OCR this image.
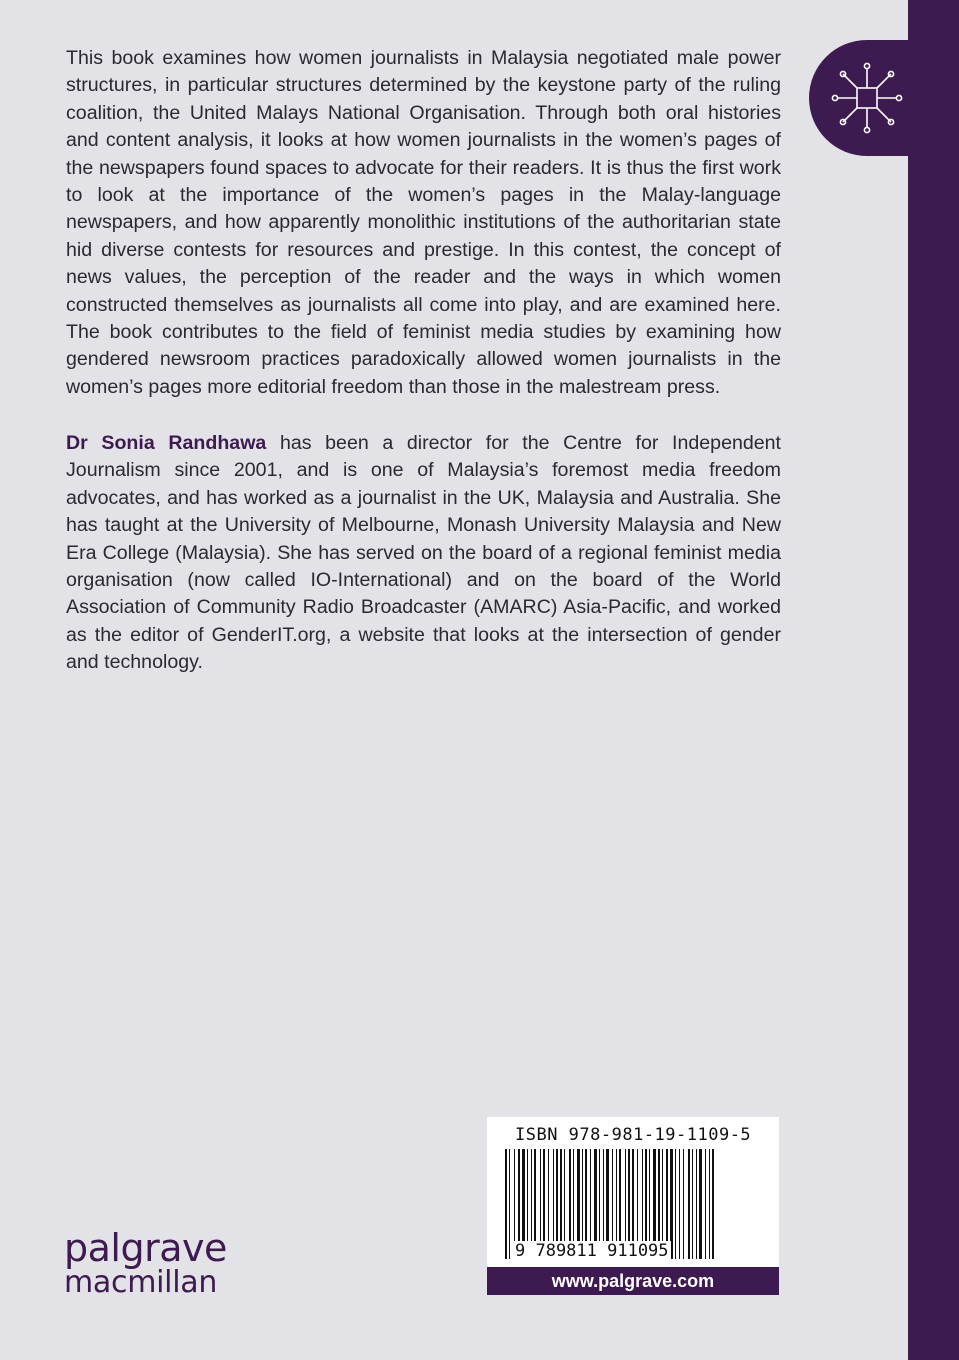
This book examines how women journalists in Malaysia negotiated male power structures, in particular structures determined by the keystone party of the ruling coalition, the United Malays National Organisation. Through both oral histories and content analysis, it looks at how women journalists in the women’s pages of the newspapers found spaces to advocate for their readers. It is thus the first work to look at the importance of the women’s pages in the Malay-language newspapers, and how apparently monolithic institutions of the authoritarian state hid diverse contests for resources and prestige. In this contest, the concept of news values, the perception of the reader and the ways in which women constructed themselves as journalists all come into play, and are examined here. The book contributes to the field of feminist media studies by examining how gendered newsroom practices paradoxically allowed women journalists in the women’s pages more editorial freedom than those in the malestream press.

Dr Sonia Randhawa has been a director for the Centre for Independent Journalism since 2001, and is one of Malaysia’s foremost media freedom advocates, and has worked as a journalist in the UK, Malaysia and Australia. She has taught at the University of Melbourne, Monash University Malaysia and New Era College (Malaysia). She has served on the board of a regional feminist media organisation (now called IO-International) and on the board of the World Association of Community Radio Broadcaster (AMARC) Asia-Pacific, and worked as the editor of GenderIT.org, a website that looks at the intersection of gender and technology.

ISBN 978-981-19-1109-5
9 789811 911095
www.palgrave.com
palgrave
macmillan
